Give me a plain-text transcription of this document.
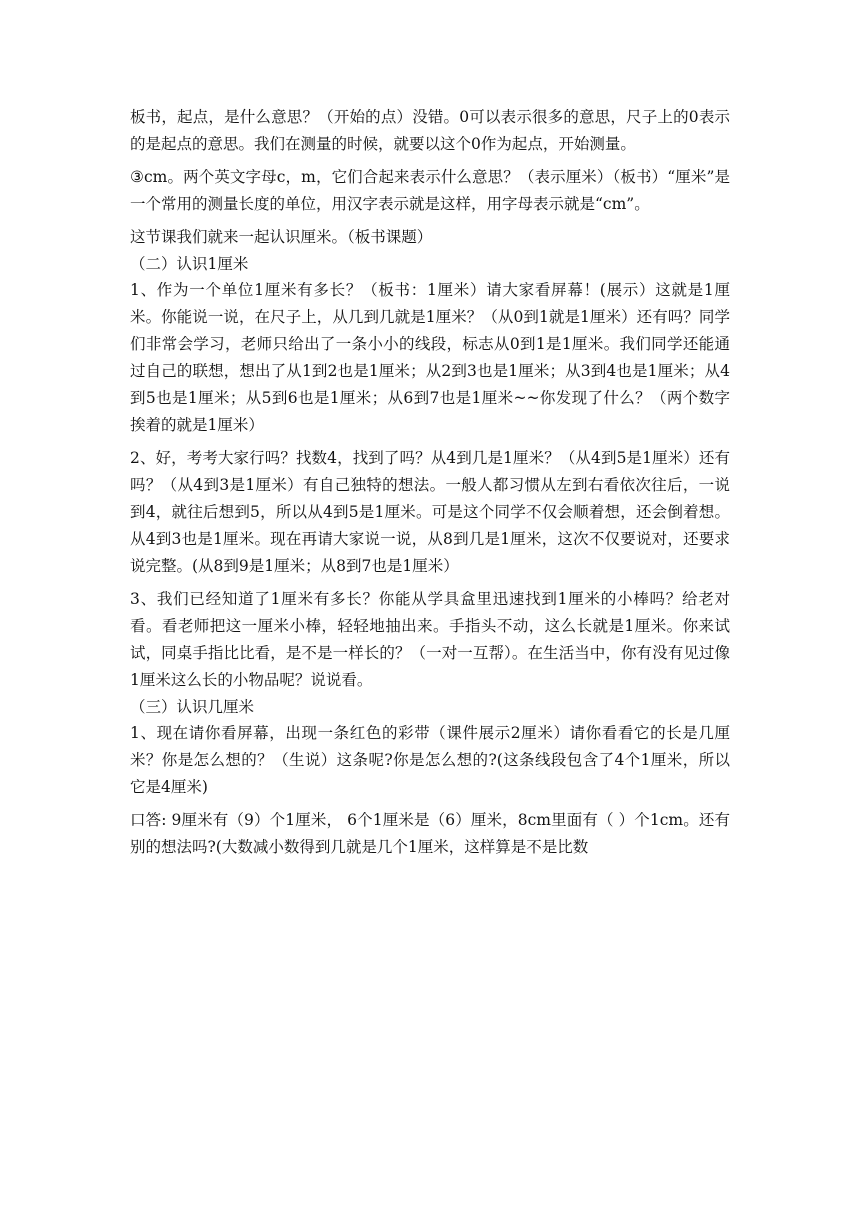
板书，起点，是什么意思？（开始的点）没错。0可以表示很多的意思，尺子上的0表示的是起点的意思。我们在测量的时候，就要以这个0作为起点，开始测量。

③cm。两个英文字母c，m，它们合起来表示什么意思？（表示厘米）（板书）“厘米”是一个常用的测量长度的单位，用汉字表示就是这样，用字母表示就是“cm”。

这节课我们就来一起认识厘米。（板书课题）

（二）认识1厘米

1、作为一个单位1厘米有多长？（板书：1厘米）请大家看屏幕！(展示）这就是1厘米。你能说一说，在尺子上，从几到几就是1厘米？（从0到1就是1厘米）还有吗？同学们非常会学习，老师只给出了一条小小的线段，标志从0到1是1厘米。我们同学还能通过自己的联想，想出了从1到2也是1厘米；从2到3也是1厘米；从3到4也是1厘米；从4到5也是1厘米；从5到6也是1厘米；从6到7也是1厘米~~你发现了什么？（两个数字挨着的就是1厘米）

2、好，考考大家行吗？找数4，找到了吗？从4到几是1厘米？（从4到5是1厘米）还有吗？（从4到3是1厘米）有自己独特的想法。一般人都习惯从左到右看依次往后，一说到4，就往后想到5，所以从4到5是1厘米。可是这个同学不仅会顺着想，还会倒着想。从4到3也是1厘米。现在再请大家说一说，从8到几是1厘米，这次不仅要说对，还要求说完整。(从8到9是1厘米；从8到7也是1厘米）

3、我们已经知道了1厘米有多长？你能从学具盒里迅速找到1厘米的小棒吗？给老对看。看老师把这一厘米小棒，轻轻地抽出来。手指头不动，这么长就是1厘米。你来试试，同桌手指比比看，是不是一样长的？（一对一互帮）。在生活当中，你有没有见过像1厘米这么长的小物品呢？说说看。

（三）认识几厘米

1、现在请你看屏幕，出现一条红色的彩带（课件展示2厘米）请你看看它的长是几厘米？你是怎么想的？（生说）这条呢?你是怎么想的?(这条线段包含了4个1厘米，所以它是4厘米)

口答: 9厘米有（9）个1厘米， 6个1厘米是（6）厘米，8cm里面有（ ）个1cm。还有别的想法吗?(大数减小数得到几就是几个1厘米，这样算是不是比数
